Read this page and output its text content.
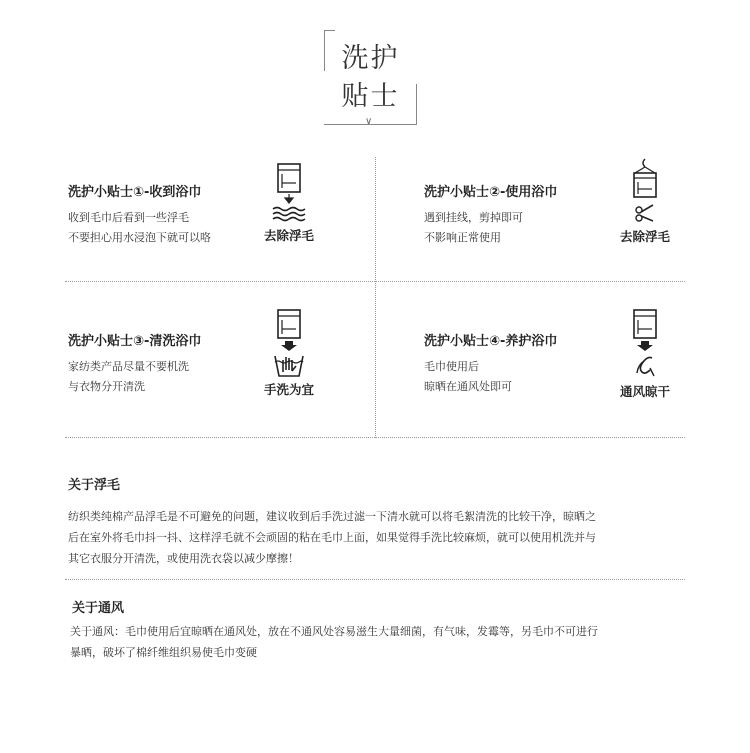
洗护
贴士
∨
洗护小贴士①-收到浴巾
收到毛巾后看到一些浮毛
不要担心用水浸泡下就可以咯	去除浮毛
洗护小贴士②-使用浴巾
遇到挂线，剪掉即可
不影响正常使用	去除浮毛
洗护小贴士③-清洗浴巾
家纺类产品尽量不要机洗
与衣物分开清洗	手洗为宜
洗护小贴士④-养护浴巾
毛巾使用后
晾晒在通风处即可	通风晾干
关于浮毛
纺织类纯棉产品浮毛是不可避免的问题，建议收到后手洗过滤一下清水就可以将毛絮清洗的比较干净，晾晒之
后在室外将毛巾抖一抖、这样浮毛就不会顽固的粘在毛巾上面，如果觉得手洗比较麻烦，就可以使用机洗并与
其它衣服分开清洗，或使用洗衣袋以减少摩擦！
关于通风
关于通风：毛巾使用后宜晾晒在通风处，放在不通风处容易滋生大量细菌，有气味，发霉等，另毛巾不可进行
暴晒，破坏了棉纤维组织易使毛巾变硬
